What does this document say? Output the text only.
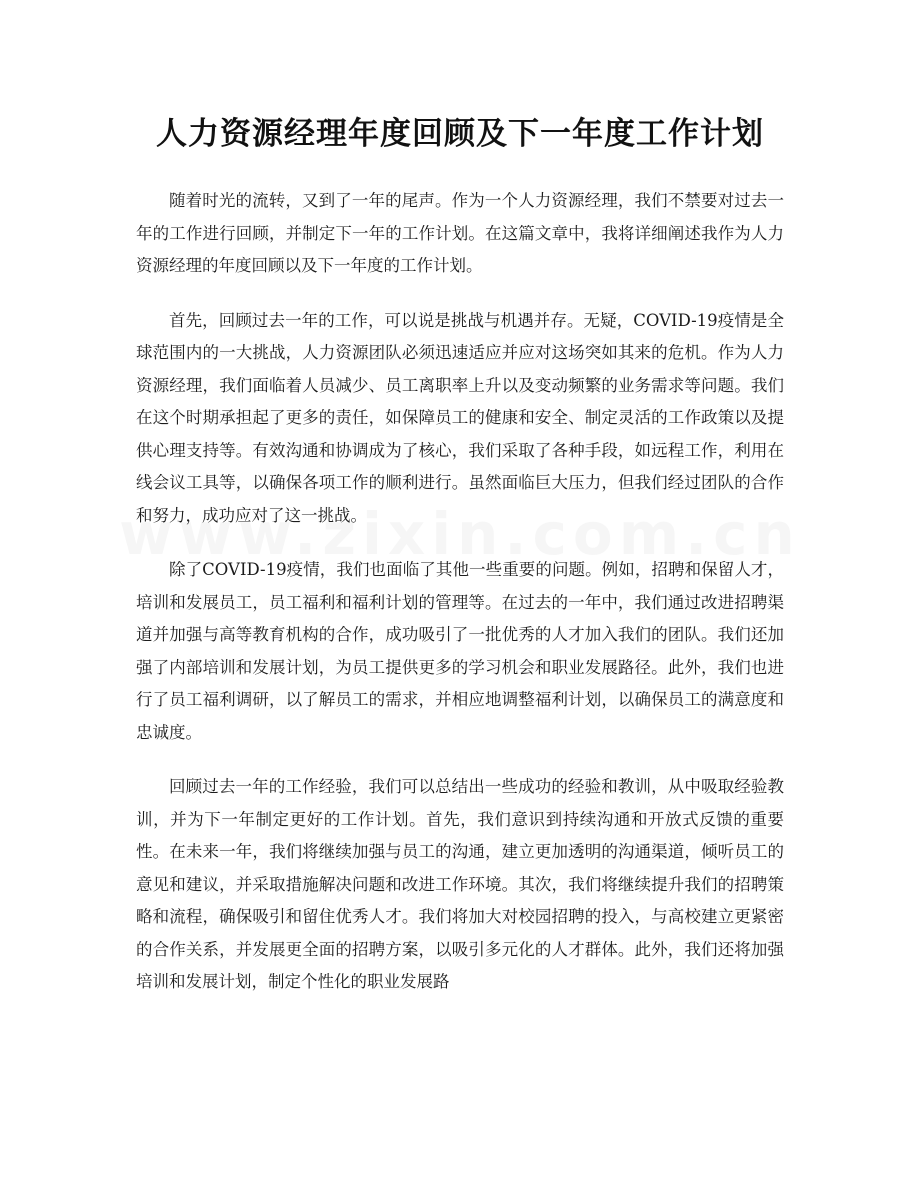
人力资源经理年度回顾及下一年度工作计划

随着时光的流转，又到了一年的尾声。作为一个人力资源经理，我们不禁要对过去一年的工作进行回顾，并制定下一年的工作计划。在这篇文章中，我将详细阐述我作为人力资源经理的年度回顾以及下一年度的工作计划。

首先，回顾过去一年的工作，可以说是挑战与机遇并存。无疑，COVID-19疫情是全球范围内的一大挑战，人力资源团队必须迅速适应并应对这场突如其来的危机。作为人力资源经理，我们面临着人员减少、员工离职率上升以及变动频繁的业务需求等问题。我们在这个时期承担起了更多的责任，如保障员工的健康和安全、制定灵活的工作政策以及提供心理支持等。有效沟通和协调成为了核心，我们采取了各种手段，如远程工作，利用在线会议工具等，以确保各项工作的顺利进行。虽然面临巨大压力，但我们经过团队的合作和努力，成功应对了这一挑战。

除了COVID-19疫情，我们也面临了其他一些重要的问题。例如，招聘和保留人才，培训和发展员工，员工福利和福利计划的管理等。在过去的一年中，我们通过改进招聘渠道并加强与高等教育机构的合作，成功吸引了一批优秀的人才加入我们的团队。我们还加强了内部培训和发展计划，为员工提供更多的学习机会和职业发展路径。此外，我们也进行了员工福利调研，以了解员工的需求，并相应地调整福利计划，以确保员工的满意度和忠诚度。

回顾过去一年的工作经验，我们可以总结出一些成功的经验和教训，从中吸取经验教训，并为下一年制定更好的工作计划。首先，我们意识到持续沟通和开放式反馈的重要性。在未来一年，我们将继续加强与员工的沟通，建立更加透明的沟通渠道，倾听员工的意见和建议，并采取措施解决问题和改进工作环境。其次，我们将继续提升我们的招聘策略和流程，确保吸引和留住优秀人才。我们将加大对校园招聘的投入，与高校建立更紧密的合作关系，并发展更全面的招聘方案，以吸引多元化的人才群体。此外，我们还将加强培训和发展计划，制定个性化的职业发展路
